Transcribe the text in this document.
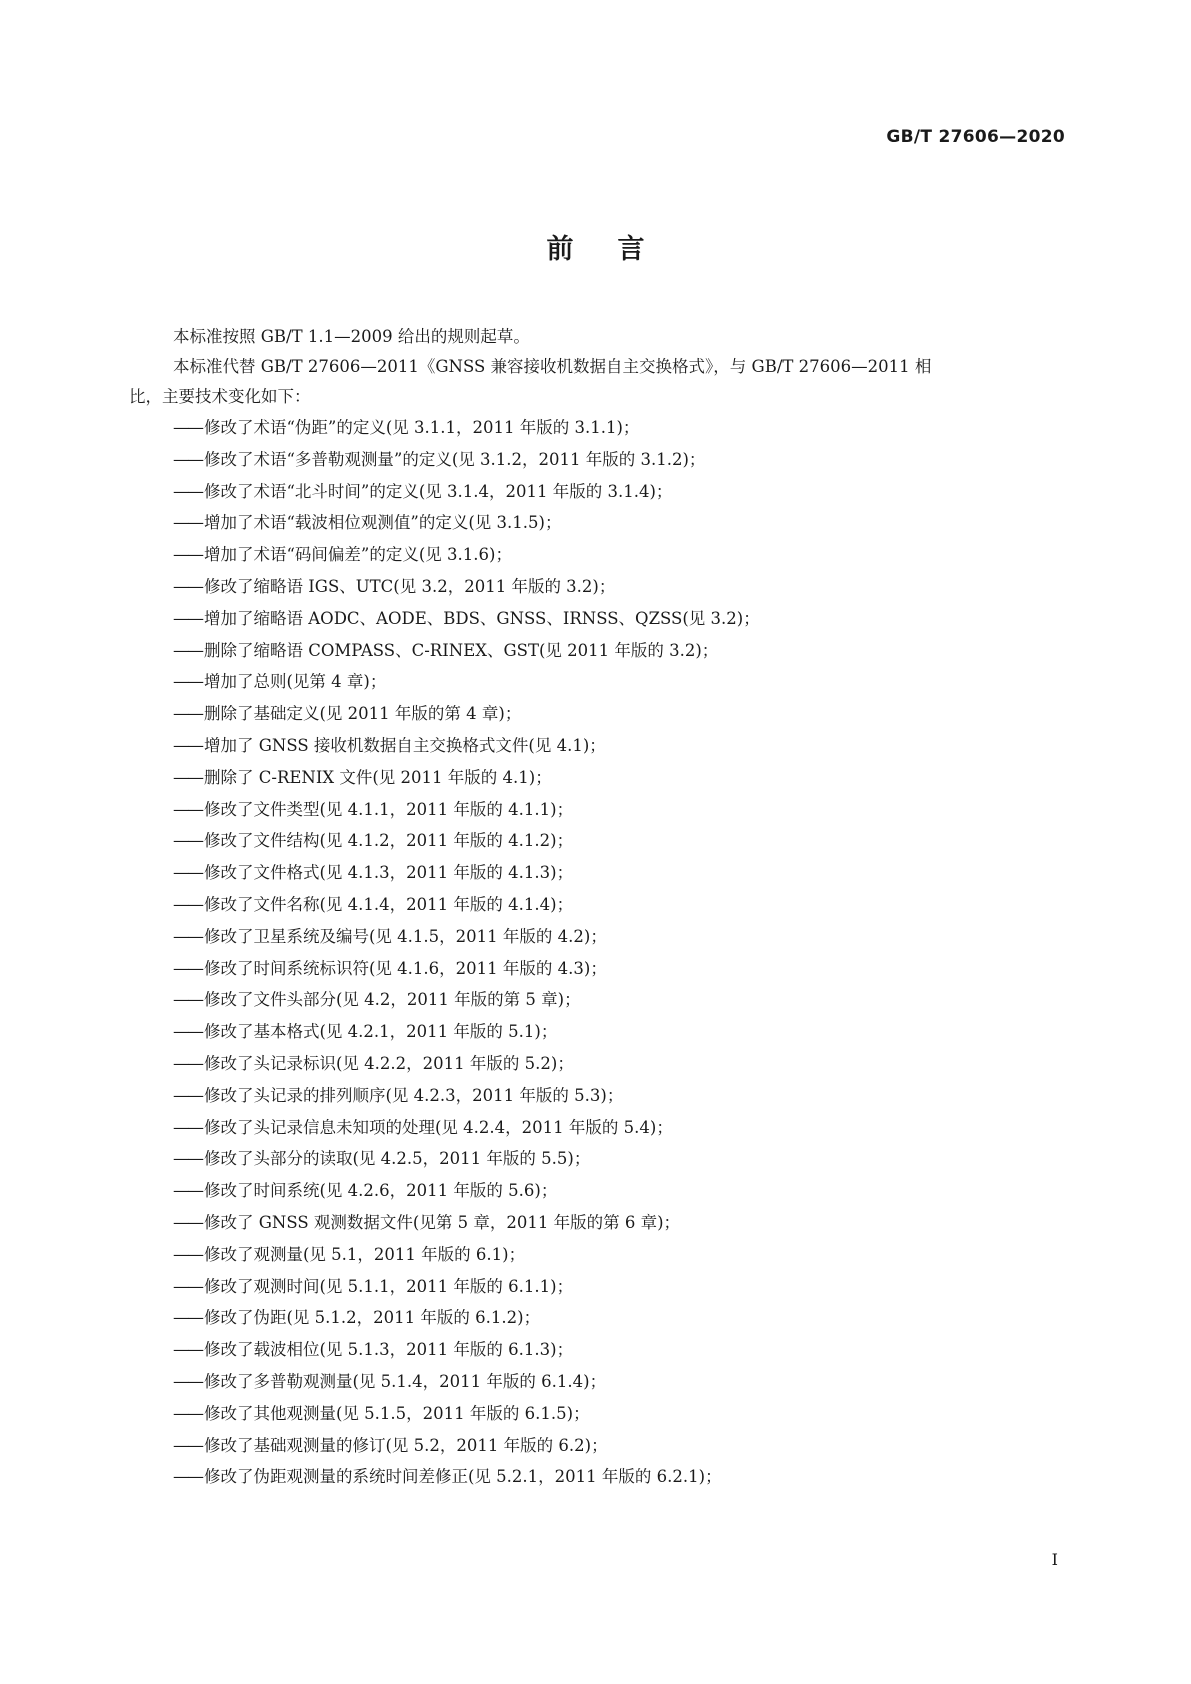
GB/T 27606—2020
前 言
本标准按照 GB/T 1.1—2009 给出的规则起草。
本标准代替 GB/T 27606—2011《GNSS 兼容接收机数据自主交换格式》，与 GB/T 27606—2011 相
比，主要技术变化如下：
—— 修改了术语“伪距”的定义(见 3.1.1，2011 年版的 3.1.1)；
—— 修改了术语“多普勒观测量”的定义(见 3.1.2，2011 年版的 3.1.2)；
—— 修改了术语“北斗时间”的定义(见 3.1.4，2011 年版的 3.1.4)；
—— 增加了术语“载波相位观测值”的定义(见 3.1.5)；
—— 增加了术语“码间偏差”的定义(见 3.1.6)；
—— 修改了缩略语 IGS、UTC(见 3.2，2011 年版的 3.2)；
—— 增加了缩略语 AODC、AODE、BDS、GNSS、IRNSS、QZSS(见 3.2)；
—— 删除了缩略语 COMPASS、C-RINEX、GST(见 2011 年版的 3.2)；
—— 增加了总则(见第 4 章)；
—— 删除了基础定义(见 2011 年版的第 4 章)；
—— 增加了 GNSS 接收机数据自主交换格式文件(见 4.1)；
—— 删除了 C-RENIX 文件(见 2011 年版的 4.1)；
—— 修改了文件类型(见 4.1.1，2011 年版的 4.1.1)；
—— 修改了文件结构(见 4.1.2，2011 年版的 4.1.2)；
—— 修改了文件格式(见 4.1.3，2011 年版的 4.1.3)；
—— 修改了文件名称(见 4.1.4，2011 年版的 4.1.4)；
—— 修改了卫星系统及编号(见 4.1.5，2011 年版的 4.2)；
—— 修改了时间系统标识符(见 4.1.6，2011 年版的 4.3)；
—— 修改了文件头部分(见 4.2，2011 年版的第 5 章)；
—— 修改了基本格式(见 4.2.1，2011 年版的 5.1)；
—— 修改了头记录标识(见 4.2.2，2011 年版的 5.2)；
—— 修改了头记录的排列顺序(见 4.2.3，2011 年版的 5.3)；
—— 修改了头记录信息未知项的处理(见 4.2.4，2011 年版的 5.4)；
—— 修改了头部分的读取(见 4.2.5，2011 年版的 5.5)；
—— 修改了时间系统(见 4.2.6，2011 年版的 5.6)；
—— 修改了 GNSS 观测数据文件(见第 5 章，2011 年版的第 6 章)；
—— 修改了观测量(见 5.1，2011 年版的 6.1)；
—— 修改了观测时间(见 5.1.1，2011 年版的 6.1.1)；
—— 修改了伪距(见 5.1.2，2011 年版的 6.1.2)；
—— 修改了载波相位(见 5.1.3，2011 年版的 6.1.3)；
—— 修改了多普勒观测量(见 5.1.4，2011 年版的 6.1.4)；
—— 修改了其他观测量(见 5.1.5，2011 年版的 6.1.5)；
—— 修改了基础观测量的修订(见 5.2，2011 年版的 6.2)；
—— 修改了伪距观测量的系统时间差修正(见 5.2.1，2011 年版的 6.2.1)；
I
